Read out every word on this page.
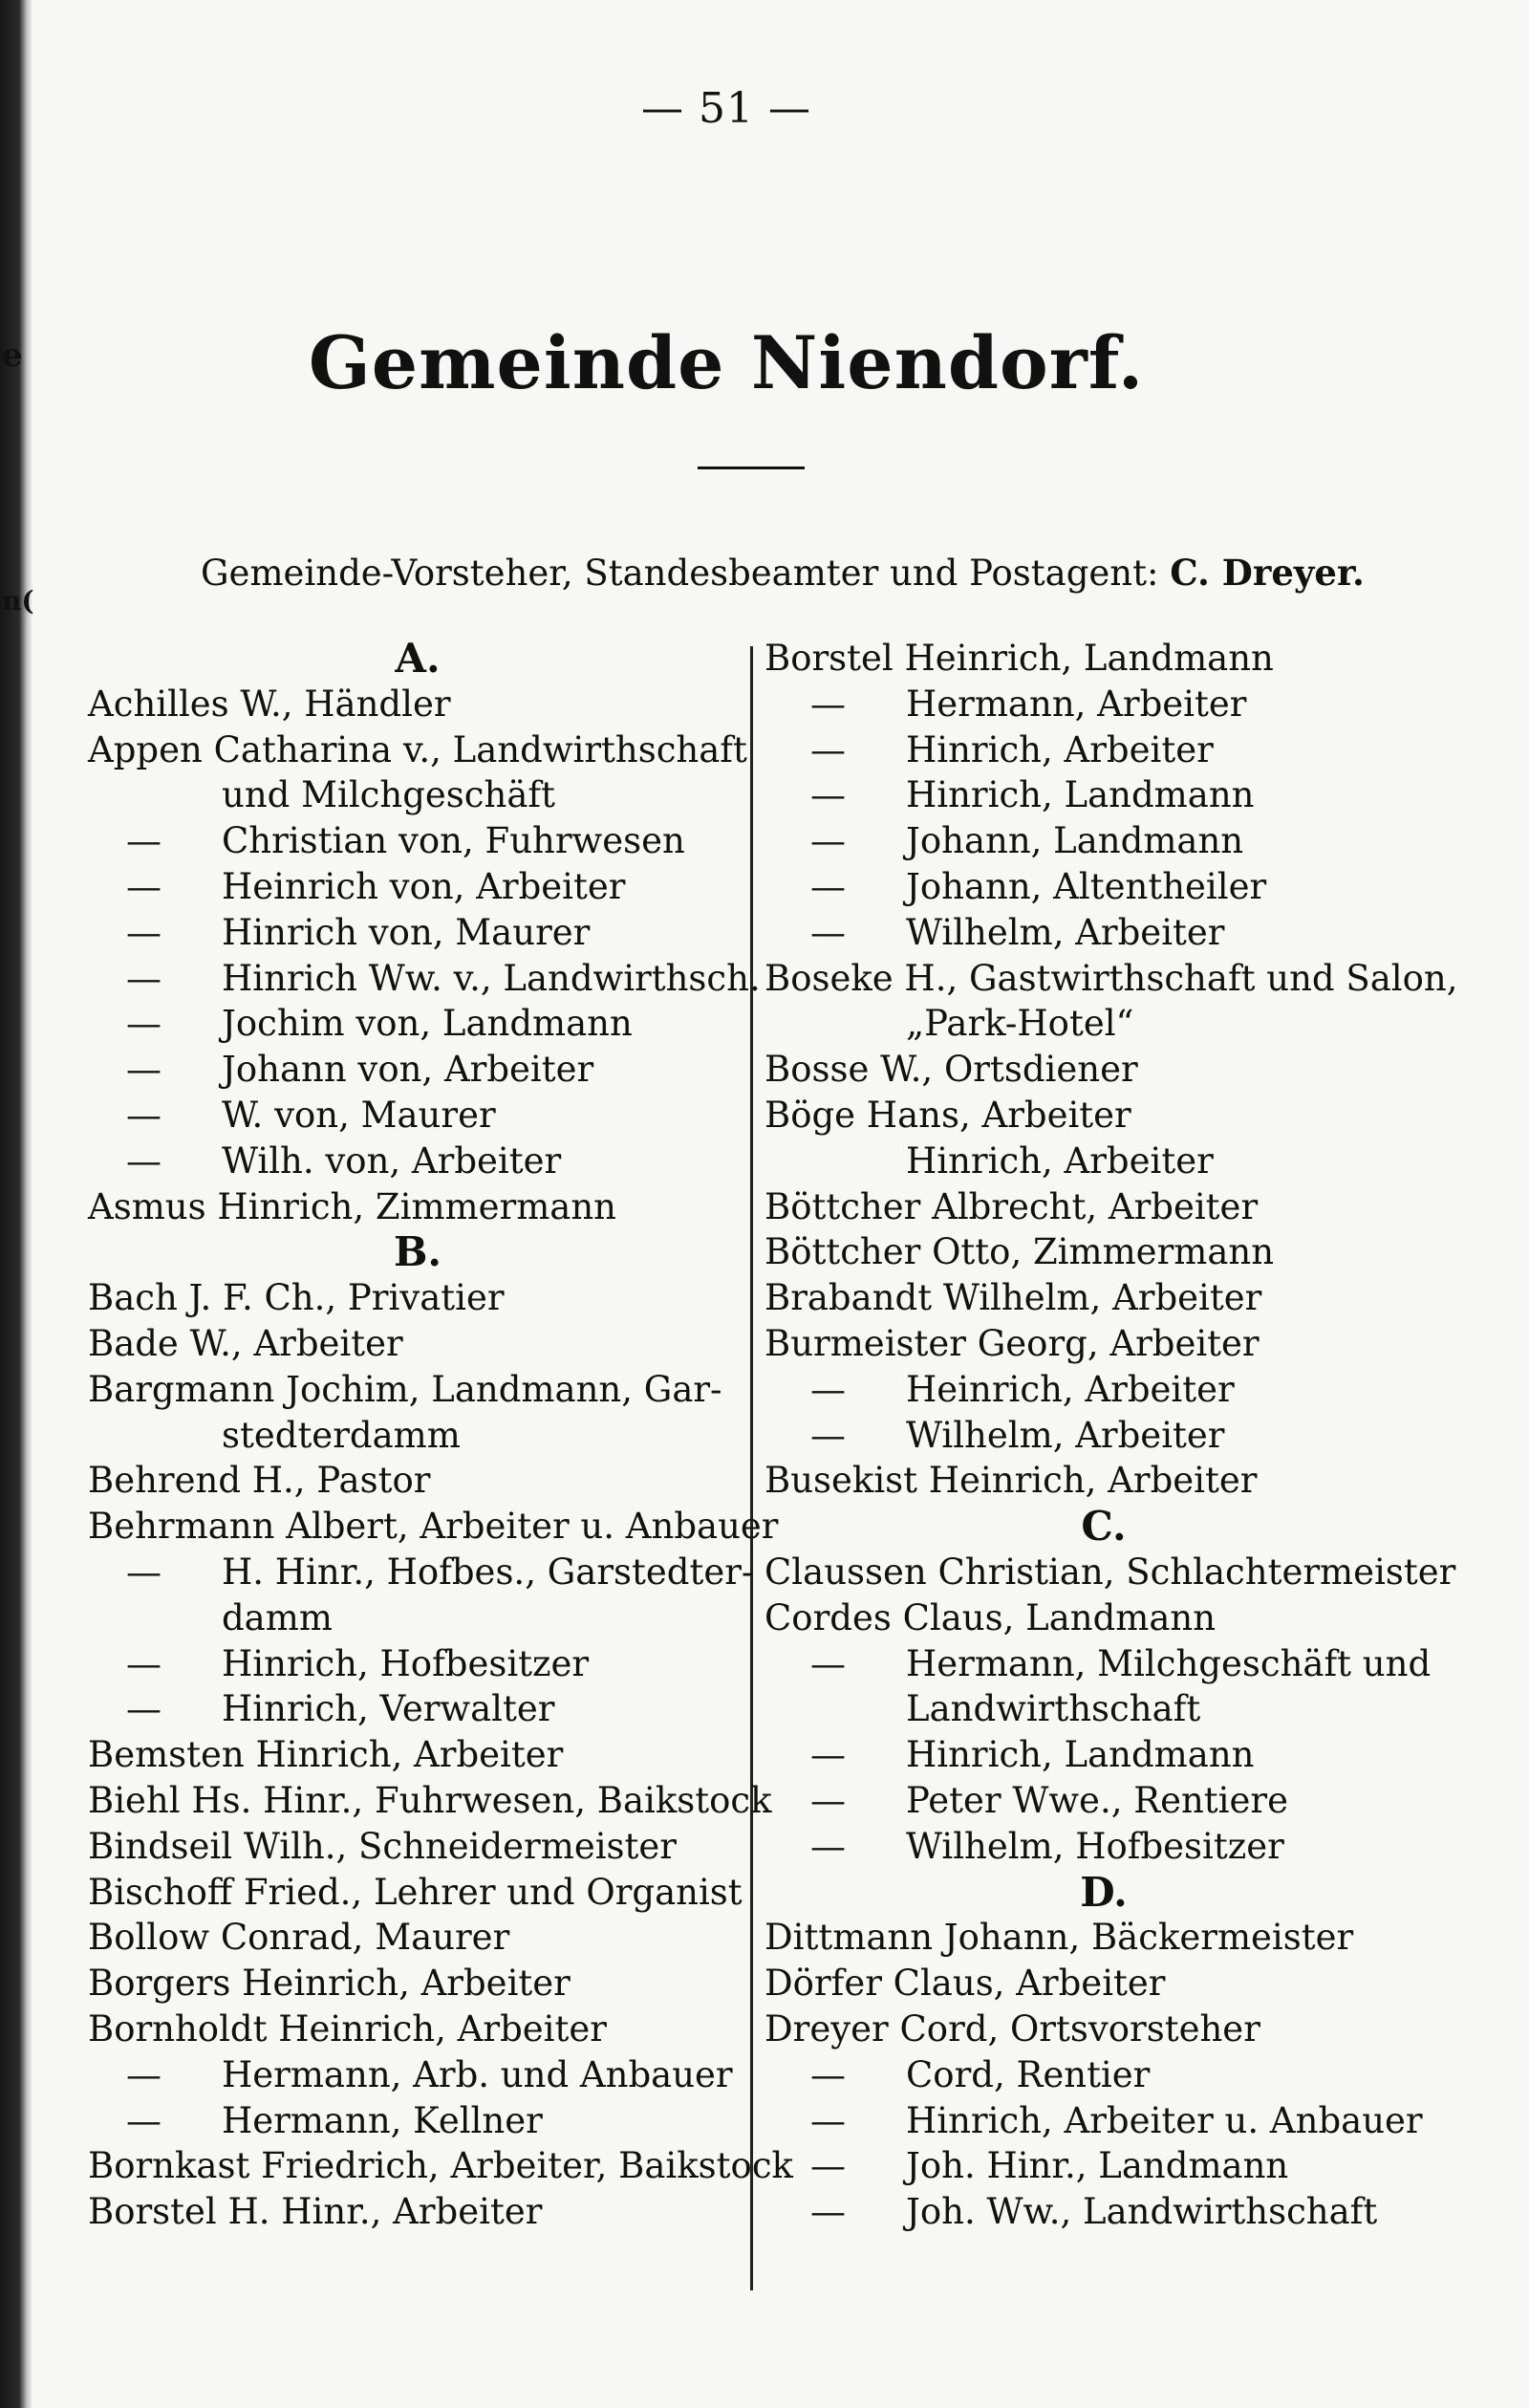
e
n(
— 51 —
Gemeinde Niendorf.
Gemeinde-Vorsteher, Standesbeamter und Postagent: C. Dreyer.
A.
Achilles W., Händler
Appen Catharina v., Landwirthschaft
und Milchgeschäft
— Christian von, Fuhrwesen
— Heinrich von, Arbeiter
— Hinrich von, Maurer
— Hinrich Ww. v., Landwirthsch.
— Jochim von, Landmann
— Johann von, Arbeiter
— W. von, Maurer
— Wilh. von, Arbeiter
Asmus Hinrich, Zimmermann
B.
Bach J. F. Ch., Privatier
Bade W., Arbeiter
Bargmann Jochim, Landmann, Gar-
stedterdamm
Behrend H., Pastor
Behrmann Albert, Arbeiter u. Anbauer
— H. Hinr., Hofbes., Garstedter-
damm
— Hinrich, Hofbesitzer
— Hinrich, Verwalter
Bemsten Hinrich, Arbeiter
Biehl Hs. Hinr., Fuhrwesen, Baikstock
Bindseil Wilh., Schneidermeister
Bischoff Fried., Lehrer und Organist
Bollow Conrad, Maurer
Borgers Heinrich, Arbeiter
Bornholdt Heinrich, Arbeiter
— Hermann, Arb. und Anbauer
— Hermann, Kellner
Bornkast Friedrich, Arbeiter, Baikstock
Borstel H. Hinr., Arbeiter
Borstel Heinrich, Landmann
— Hermann, Arbeiter
— Hinrich, Arbeiter
— Hinrich, Landmann
— Johann, Landmann
— Johann, Altentheiler
— Wilhelm, Arbeiter
Boseke H., Gastwirthschaft und Salon,
„Park-Hotel“
Bosse W., Ortsdiener
Böge Hans, Arbeiter
Hinrich, Arbeiter
Böttcher Albrecht, Arbeiter
Böttcher Otto, Zimmermann
Brabandt Wilhelm, Arbeiter
Burmeister Georg, Arbeiter
— Heinrich, Arbeiter
— Wilhelm, Arbeiter
Busekist Heinrich, Arbeiter
C.
Claussen Christian, Schlachtermeister
Cordes Claus, Landmann
— Hermann, Milchgeschäft und
Landwirthschaft
— Hinrich, Landmann
— Peter Wwe., Rentiere
— Wilhelm, Hofbesitzer
D.
Dittmann Johann, Bäckermeister
Dörfer Claus, Arbeiter
Dreyer Cord, Ortsvorsteher
— Cord, Rentier
— Hinrich, Arbeiter u. Anbauer
— Joh. Hinr., Landmann
— Joh. Ww., Landwirthschaft
